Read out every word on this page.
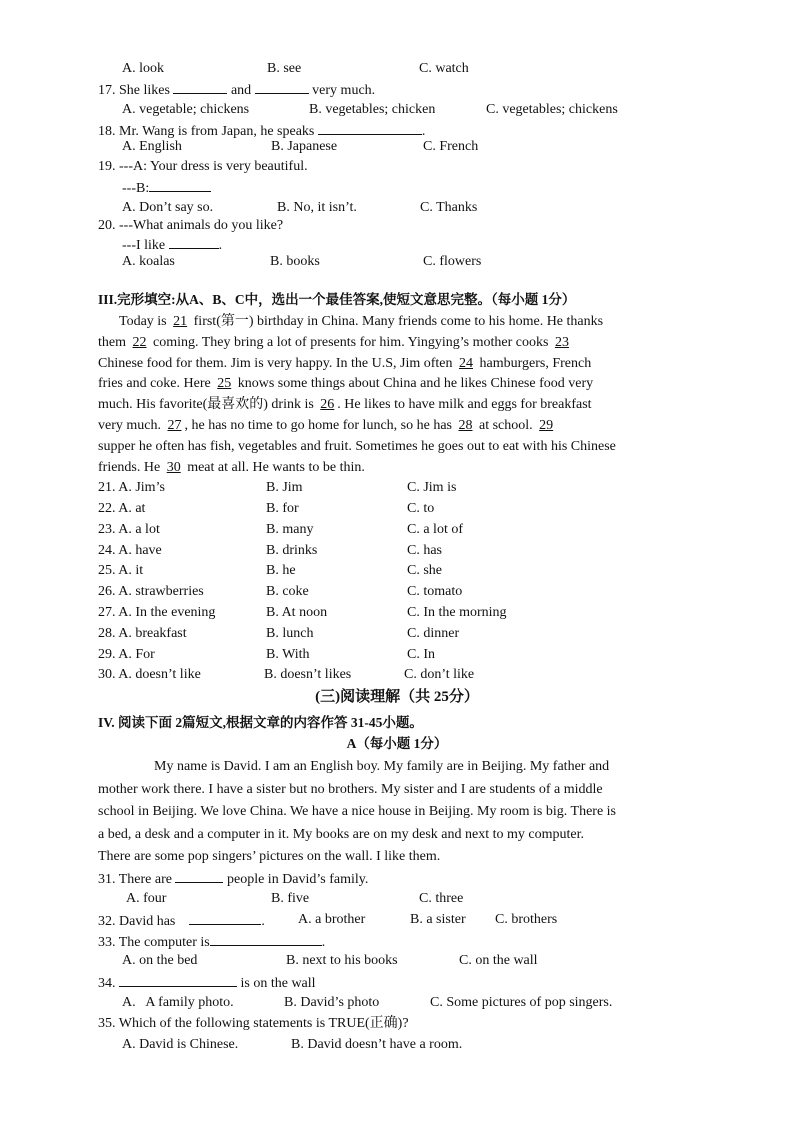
A. look	B. see	C. watch
17. She likes	and	very much.
A. vegetable; chickens	B. vegetables; chicken	C. vegetables; chickens
18. Mr. Wang is from Japan, he speaks	.
A. English	B. Japanese	C. French
19. ---A: Your dress is very beautiful.
---B:
A. Don’t say so.	B. No, it isn’t.	C. Thanks
20. ---What animals do you like?
---I like	.
A. koalas	B. books	C. flowers
III.完形填空:从A、B、C中，选出一个最佳答案,使短文意思完整。（每小题 1分）
Today is 21 first(第一) birthday in China. Many friends come to his home. He thanks
them 22 coming. They bring a lot of presents for him. Yingying’s mother cooks 23
Chinese food for them. Jim is very happy. In the U.S, Jim often 24 hamburgers, French
fries and coke. Here 25 knows some things about China and he likes Chinese food very
much. His favorite(最喜欢的) drink is 26 . He likes to have milk and eggs for breakfast
very much. 27 , he has no time to go home for lunch, so he has 28 at school. 29
supper he often has fish, vegetables and fruit. Sometimes he goes out to eat with his Chinese
friends. He 30 meat at all. He wants to be thin.
21. A. Jim’s	B. Jim	C. Jim is
22. A. at	B. for	C. to
23. A. a lot	B. many	C. a lot of
24. A. have	B. drinks	C. has
25. A. it	B. he	C. she
26. A. strawberries	B. coke	C. tomato
27. A. In the evening	B. At noon	C. In the morning
28. A. breakfast	B. lunch	C. dinner
29. A. For	B. With	C. In
30. A. doesn’t like	B. doesn’t likes	C. don’t like
(三)阅读理解（共 25分）
IV. 阅读下面 2篇短文,根据文章的内容作答 31-45小题。
A（每小题 1分）
My name is David. I am an English boy. My family are in Beijing. My father and
mother work there. I have a sister but no brothers. My sister and I are students of a middle
school in Beijing. We love China. We have a nice house in Beijing. My room is big. There is
a bed, a desk and a computer in it. My books are on my desk and next to my computer.
There are some pop singers’ pictures on the wall. I like them.
31. There are	people in David’s family.
A. four	B. five	C. three
32. David has	. A. a brother	B. a sister C. brothers
33. The computer is	.
A. on the bed	B. next to his books	C. on the wall
34.	is on the wall
A.   A family photo.	B. David’s photo	C. Some pictures of pop singers.
35. Which of the following statements is TRUE(正确)?
A. David is Chinese.	B. David doesn’t have a room.
